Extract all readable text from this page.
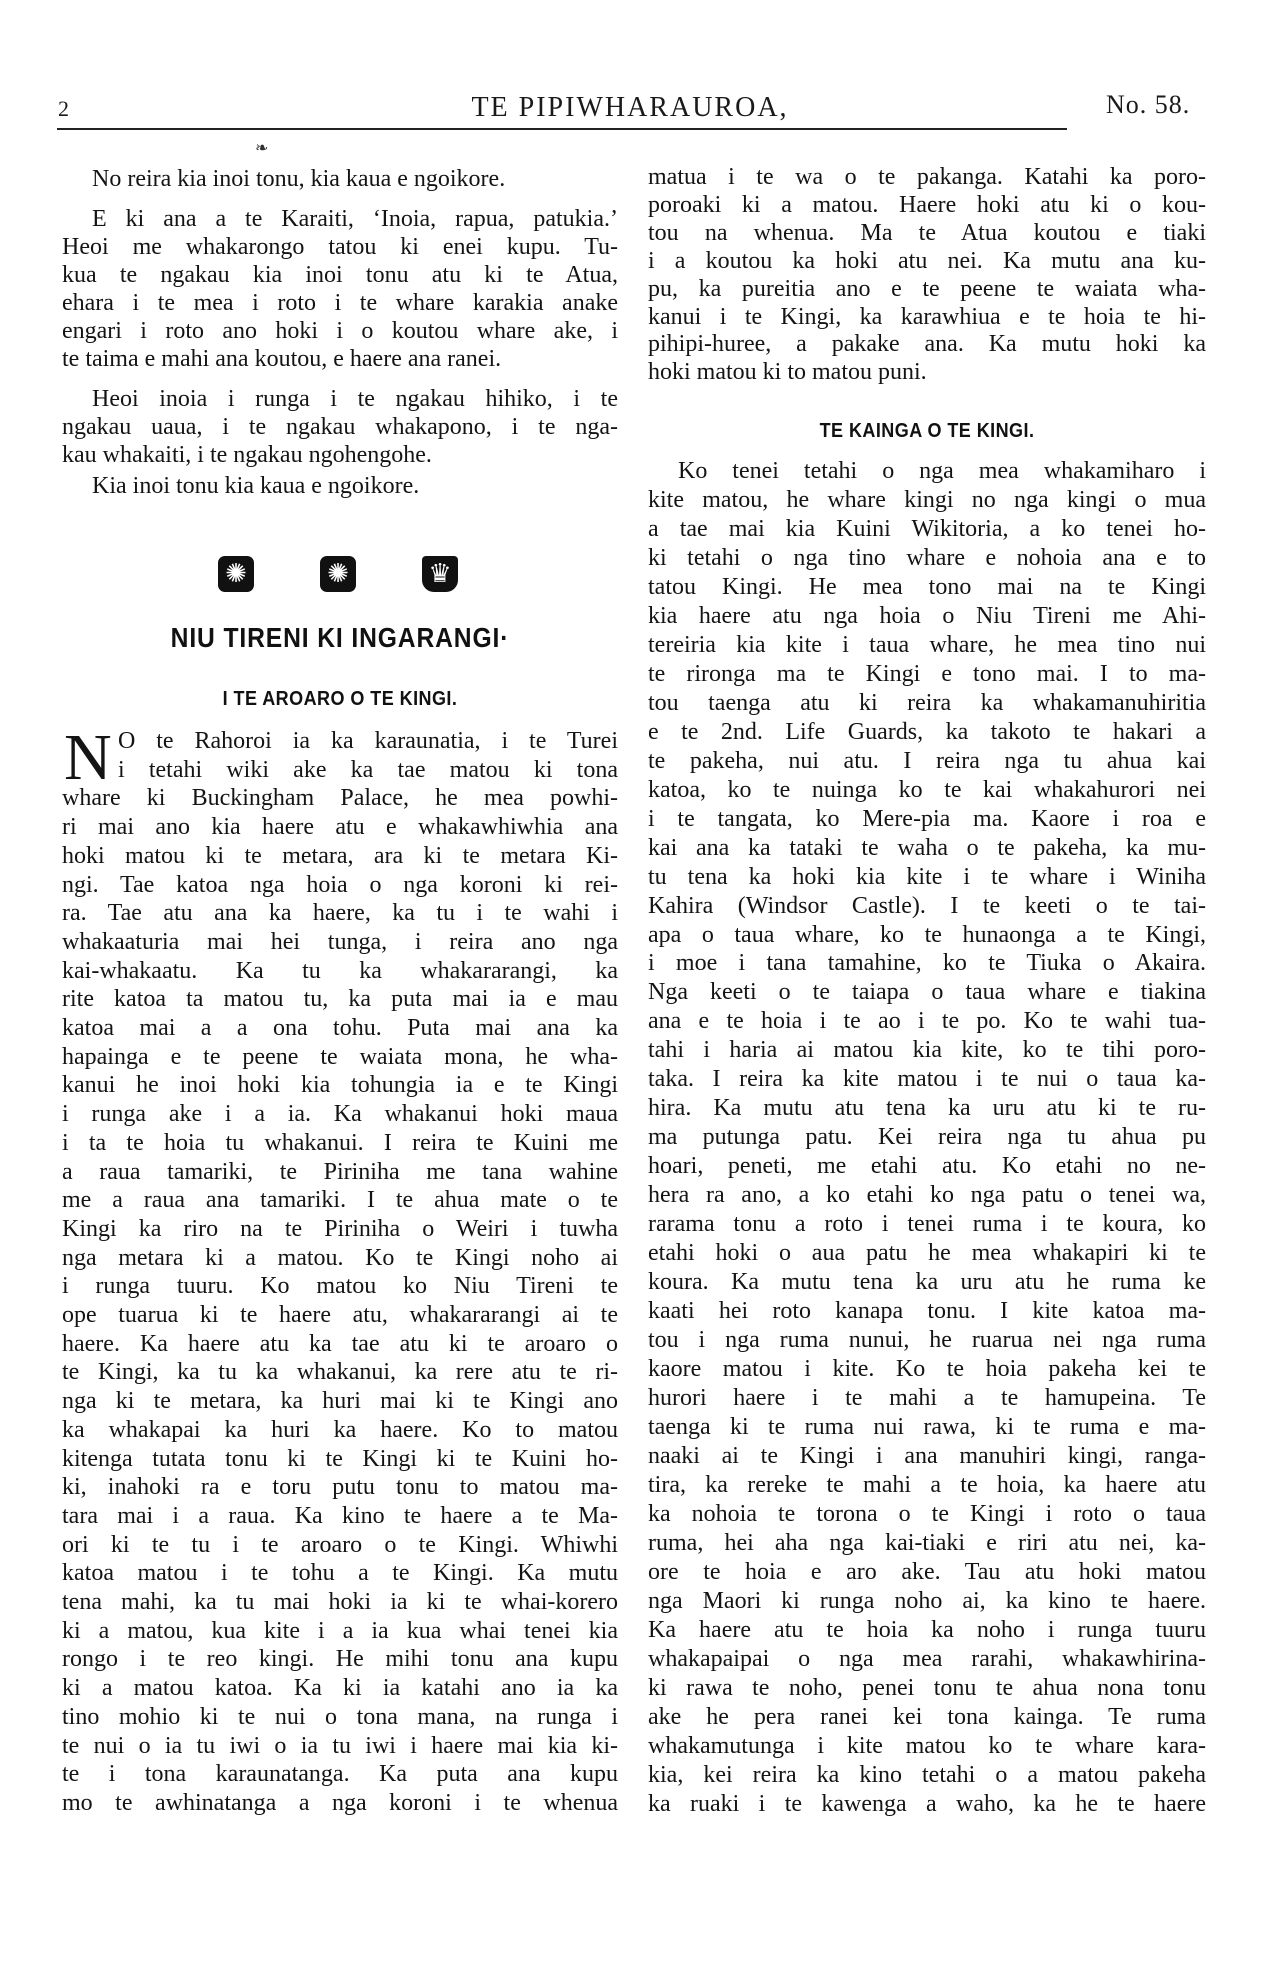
2	TE PIPIWHARAUROA,	No. 58.
❧
✺	✺	♛
NIU TIRENI KI INGARANGI·
I TE AROARO O TE KINGI.
N
TE KAINGA O TE KINGI.
No reira kia inoi tonu, kia kaua e ngoikore.
E ki ana a te Karaiti, ‘Inoia, rapua, patukia.’
Heoi me whakarongo tatou ki enei kupu. Tu-
kua te ngakau kia inoi tonu atu ki te Atua,
ehara i te mea i roto i te whare karakia anake
engari i roto ano hoki i o koutou whare ake, i
te taima e mahi ana koutou, e haere ana ranei.
Heoi inoia i runga i te ngakau hihiko, i te
ngakau uaua, i te ngakau whakapono, i te nga-
kau whakaiti, i te ngakau ngohengohe.
Kia inoi tonu kia kaua e ngoikore.
O te Rahoroi ia ka karaunatia, i te Turei
i tetahi wiki ake ka tae matou ki tona
whare ki Buckingham Palace, he mea powhi-
ri mai ano kia haere atu e whakawhiwhia ana
hoki matou ki te metara, ara ki te metara Ki-
ngi. Tae katoa nga hoia o nga koroni ki rei-
ra. Tae atu ana ka haere, ka tu i te wahi i
whakaaturia mai hei tunga, i reira ano nga
kai-whakaatu. Ka tu ka whakararangi, ka
rite katoa ta matou tu, ka puta mai ia e mau
katoa mai a a ona tohu. Puta mai ana ka
hapainga e te peene te waiata mona, he wha-
kanui he inoi hoki kia tohungia ia e te Kingi
i runga ake i a ia. Ka whakanui hoki maua
i ta te hoia tu whakanui. I reira te Kuini me
a raua tamariki, te Piriniha me tana wahine
me a raua ana tamariki. I te ahua mate o te
Kingi ka riro na te Piriniha o Weiri i tuwha
nga metara ki a matou. Ko te Kingi noho ai
i runga tuuru. Ko matou ko Niu Tireni te
ope tuarua ki te haere atu, whakararangi ai te
haere. Ka haere atu ka tae atu ki te aroaro o
te Kingi, ka tu ka whakanui, ka rere atu te ri-
nga ki te metara, ka huri mai ki te Kingi ano
ka whakapai ka huri ka haere. Ko to matou
kitenga tutata tonu ki te Kingi ki te Kuini ho-
ki, inahoki ra e toru putu tonu to matou ma-
tara mai i a raua. Ka kino te haere a te Ma-
ori ki te tu i te aroaro o te Kingi. Whiwhi
katoa matou i te tohu a te Kingi. Ka mutu
tena mahi, ka tu mai hoki ia ki te whai-korero
ki a matou, kua kite i a ia kua whai tenei kia
rongo i te reo kingi. He mihi tonu ana kupu
ki a matou katoa. Ka ki ia katahi ano ia ka
tino mohio ki te nui o tona mana, na runga i
te nui o ia tu iwi o ia tu iwi i haere mai kia ki-
te i tona karaunatanga. Ka puta ana kupu
mo te awhinatanga a nga koroni i te whenua
matua i te wa o te pakanga. Katahi ka poro-
poroaki ki a matou. Haere hoki atu ki o kou-
tou na whenua. Ma te Atua koutou e tiaki
i a koutou ka hoki atu nei. Ka mutu ana ku-
pu, ka pureitia ano e te peene te waiata wha-
kanui i te Kingi, ka karawhiua e te hoia te hi-
pihipi-huree, a pakake ana. Ka mutu hoki ka
hoki matou ki to matou puni.
Ko tenei tetahi o nga mea whakamiharo i
kite matou, he whare kingi no nga kingi o mua
a tae mai kia Kuini Wikitoria, a ko tenei ho-
ki tetahi o nga tino whare e nohoia ana e to
tatou Kingi. He mea tono mai na te Kingi
kia haere atu nga hoia o Niu Tireni me Ahi-
tereiria kia kite i taua whare, he mea tino nui
te rironga ma te Kingi e tono mai. I to ma-
tou taenga atu ki reira ka whakamanuhiritia
e te 2nd. Life Guards, ka takoto te hakari a
te pakeha, nui atu. I reira nga tu ahua kai
katoa, ko te nuinga ko te kai whakahurori nei
i te tangata, ko Mere-pia ma. Kaore i roa e
kai ana ka tataki te waha o te pakeha, ka mu-
tu tena ka hoki kia kite i te whare i Winiha
Kahira (Windsor Castle). I te keeti o te tai-
apa o taua whare, ko te hunaonga a te Kingi,
i moe i tana tamahine, ko te Tiuka o Akaira.
Nga keeti o te taiapa o taua whare e tiakina
ana e te hoia i te ao i te po. Ko te wahi tua-
tahi i haria ai matou kia kite, ko te tihi poro-
taka. I reira ka kite matou i te nui o taua ka-
hira. Ka mutu atu tena ka uru atu ki te ru-
ma putunga patu. Kei reira nga tu ahua pu
hoari, peneti, me etahi atu. Ko etahi no ne-
hera ra ano, a ko etahi ko nga patu o tenei wa,
rarama tonu a roto i tenei ruma i te koura, ko
etahi hoki o aua patu he mea whakapiri ki te
koura. Ka mutu tena ka uru atu he ruma ke
kaati hei roto kanapa tonu. I kite katoa ma-
tou i nga ruma nunui, he ruarua nei nga ruma
kaore matou i kite. Ko te hoia pakeha kei te
hurori haere i te mahi a te hamupeina. Te
taenga ki te ruma nui rawa, ki te ruma e ma-
naaki ai te Kingi i ana manuhiri kingi, ranga-
tira, ka rereke te mahi a te hoia, ka haere atu
ka nohoia te torona o te Kingi i roto o taua
ruma, hei aha nga kai-tiaki e riri atu nei, ka-
ore te hoia e aro ake. Tau atu hoki matou
nga Maori ki runga noho ai, ka kino te haere.
Ka haere atu te hoia ka noho i runga tuuru
whakapaipai o nga mea rarahi, whakawhirina-
ki rawa te noho, penei tonu te ahua nona tonu
ake he pera ranei kei tona kainga. Te ruma
whakamutunga i kite matou ko te whare kara-
kia, kei reira ka kino tetahi o a matou pakeha
ka ruaki i te kawenga a waho, ka he te haere
